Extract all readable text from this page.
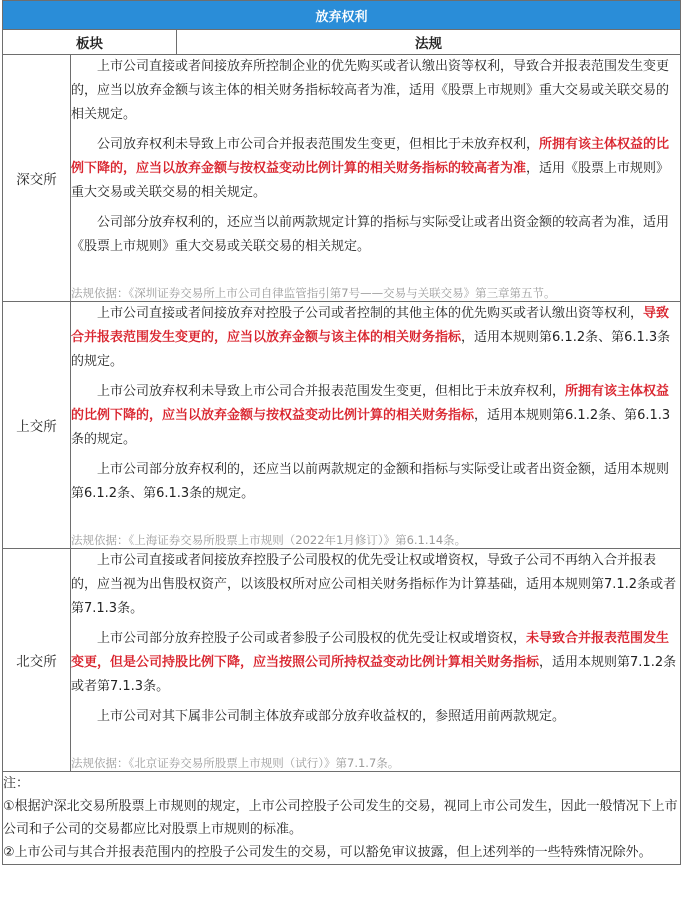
放弃权利		
板块		法规
深交所	上市公司直接或者间接放弃所控制企业的优先购买或者认缴出资等权利，导致合并报表范围发生变更的，应当以放弃金额与该主体的相关财务指标较高者为准，适用《股票上市规则》重大交易或关联交易的相关规定。

公司放弃权利未导致上市公司合并报表范围发生变更，但相比于未放弃权利，所拥有该主体权益的比例下降的，应当以放弃金额与按权益变动比例计算的相关财务指标的较高者为准，适用《股票上市规则》重大交易或关联交易的相关规定。

公司部分放弃权利的，还应当以前两款规定计算的指标与实际受让或者出资金额的较高者为准，适用《股票上市规则》重大交易或关联交易的相关规定。

法规依据：《深圳证券交易所上市公司自律监管指引第7号——交易与关联交易》第三章第五节。	

上交所	上市公司直接或者间接放弃对控股子公司或者控制的其他主体的优先购买或者认缴出资等权利，导致合并报表范围发生变更的，应当以放弃金额与该主体的相关财务指标，适用本规则第6.1.2条、第6.1.3条的规定。

上市公司放弃权利未导致上市公司合并报表范围发生变更，但相比于未放弃权利，所拥有该主体权益的比例下降的，应当以放弃金额与按权益变动比例计算的相关财务指标，适用本规则第6.1.2条、第6.1.3条的规定。

上市公司部分放弃权利的，还应当以前两款规定的金额和指标与实际受让或者出资金额，适用本规则第6.1.2条、第6.1.3条的规定。

法规依据：《上海证券交易所股票上市规则（2022年1月修订）》第6.1.14条。	

北交所	上市公司直接或者间接放弃控股子公司股权的优先受让权或增资权，导致子公司不再纳入合并报表的，应当视为出售股权资产，以该股权所对应公司相关财务指标作为计算基础，适用本规则第7.1.2条或者第7.1.3条。

上市公司部分放弃控股子公司或者参股子公司股权的优先受让权或增资权，未导致合并报表范围发生变更，但是公司持股比例下降，应当按照公司所持权益变动比例计算相关财务指标，适用本规则第7.1.2条或者第7.1.3条。

上市公司对其下属非公司制主体放弃或部分放弃收益权的，参照适用前两款规定。

法规依据：《北京证券交易所股票上市规则（试行）》第7.1.7条。	

注：

①根据沪深北交易所股票上市规则的规定，上市公司控股子公司发生的交易，视同上市公司发生，因此一般情况下上市公司和子公司的交易都应比对股票上市规则的标准。

②上市公司与其合并报表范围内的控股子公司发生的交易，可以豁免审议披露，但上述列举的一些特殊情况除外。		
